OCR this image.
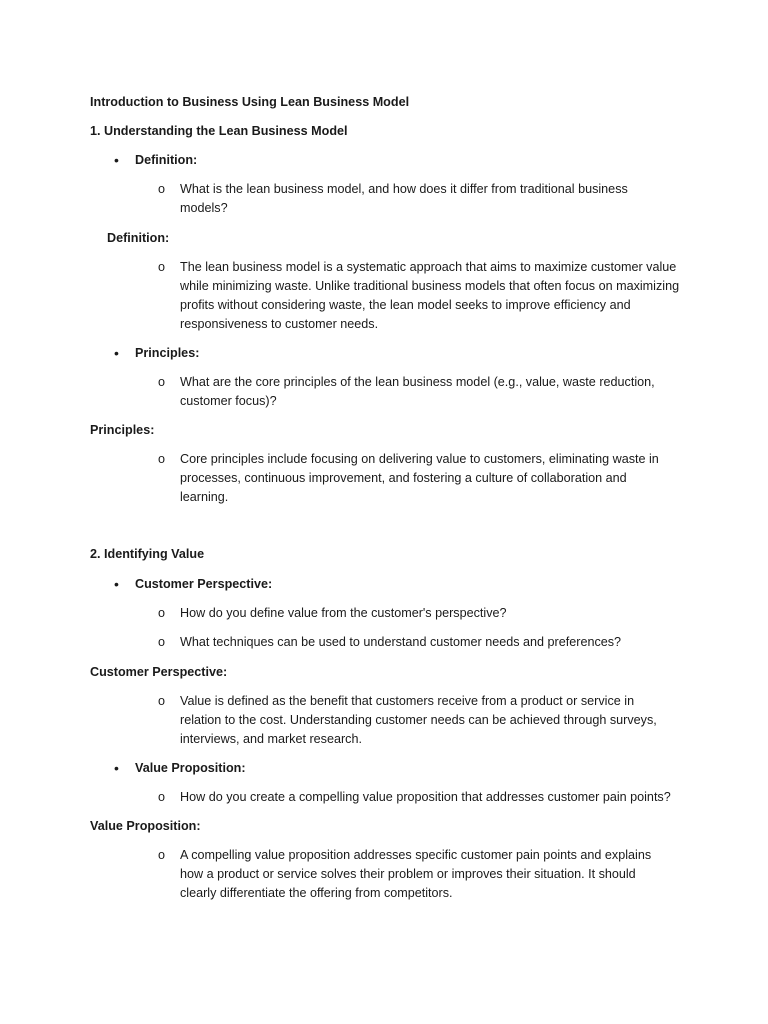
Introduction to Business Using Lean Business Model
1. Understanding the Lean Business Model
• Definition:
o What is the lean business model, and how does it differ from traditional business models?
Definition:
o The lean business model is a systematic approach that aims to maximize customer value while minimizing waste. Unlike traditional business models that often focus on maximizing profits without considering waste, the lean model seeks to improve efficiency and responsiveness to customer needs.
• Principles:
o What are the core principles of the lean business model (e.g., value, waste reduction, customer focus)?
Principles:
o Core principles include focusing on delivering value to customers, eliminating waste in processes, continuous improvement, and fostering a culture of collaboration and learning.
2. Identifying Value
• Customer Perspective:
o How do you define value from the customer's perspective?
o What techniques can be used to understand customer needs and preferences?
Customer Perspective:
o Value is defined as the benefit that customers receive from a product or service in relation to the cost. Understanding customer needs can be achieved through surveys, interviews, and market research.
• Value Proposition:
o How do you create a compelling value proposition that addresses customer pain points?
Value Proposition:
o A compelling value proposition addresses specific customer pain points and explains how a product or service solves their problem or improves their situation. It should clearly differentiate the offering from competitors.
